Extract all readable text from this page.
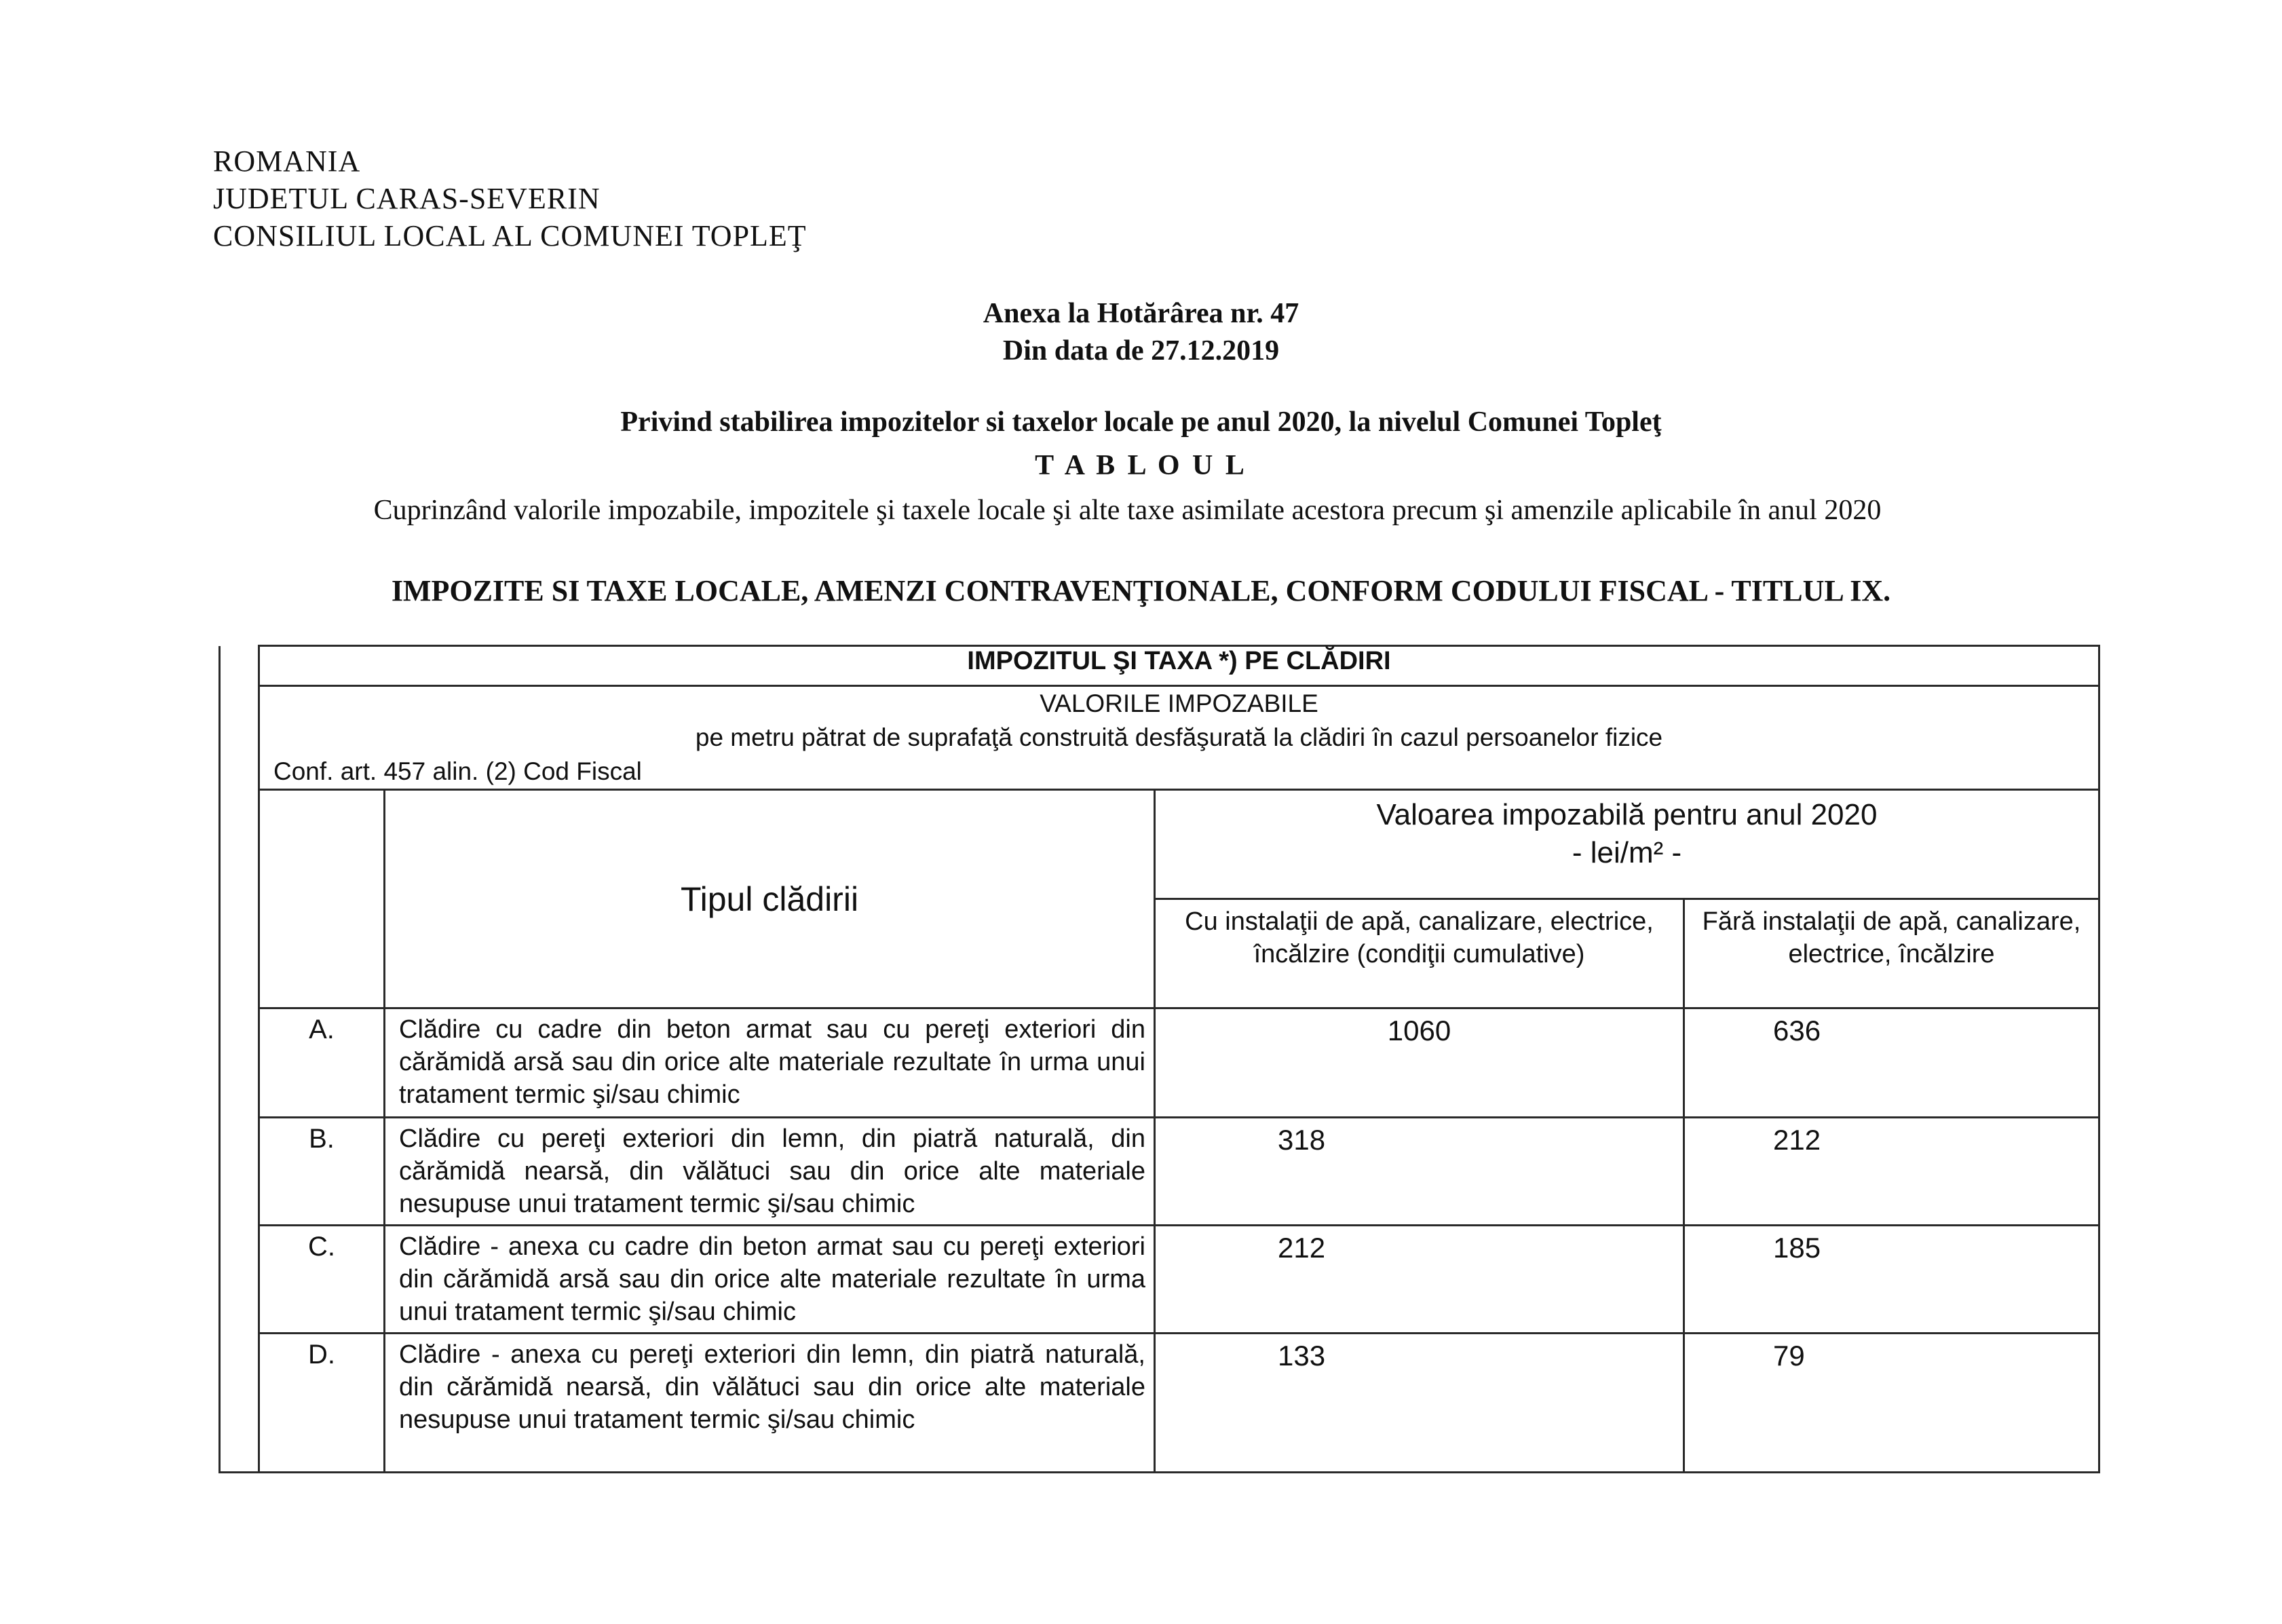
ROMANIA
JUDETUL CARAS-SEVERIN
CONSILIUL LOCAL AL COMUNEI TOPLEŢ
Anexa la Hotărârea nr. 47
Din data de 27.12.2019
Privind stabilirea impozitelor si taxelor locale pe anul 2020, la nivelul Comunei Topleţ
T A B L O U L
Cuprinzând valorile impozabile, impozitele şi taxele locale şi alte taxe asimilate acestora precum şi amenzile aplicabile în anul 2020
IMPOZITE SI TAXE LOCALE, AMENZI CONTRAVENŢIONALE, CONFORM CODULUI FISCAL - TITLUL IX.
	IMPOZITUL ŞI TAXA *) PE CLĂDIRI			

	VALORILE IMPOZABILE
pe metru pătrat de suprafaţă construită desfăşurată la clădiri în cazul persoanelor fizice
Conf. art. 457 alin. (2) Cod Fiscal			

		Tipul clădirii	Valoarea impozabilă pentru anul 2020
- lei/m² -	

			Cu instalaţii de apă, canalizare, electrice, încălzire (condiţii cumulative)	Fără instalaţii de apă, canalizare, electrice, încălzire
	A.	Clădire cu cadre din beton armat sau cu pereţi exteriori din cărămidă arsă sau din orice alte materiale rezultate în urma unui tratament termic şi/sau chimic	1060	636
	B.	Clădire cu pereţi exteriori din lemn, din piatră naturală, din cărămidă nearsă, din vălătuci sau din orice alte materiale nesupuse unui tratament termic şi/sau chimic	318	212
	C.	Clădire - anexa cu cadre din beton armat sau cu pereţi exteriori din cărămidă arsă sau din orice alte materiale rezultate în urma unui tratament termic şi/sau chimic	212	185
	D.	Clădire - anexa cu pereţi exteriori din lemn, din piatră naturală, din cărămidă nearsă, din vălătuci sau din orice alte materiale nesupuse unui tratament termic şi/sau chimic	133	79
